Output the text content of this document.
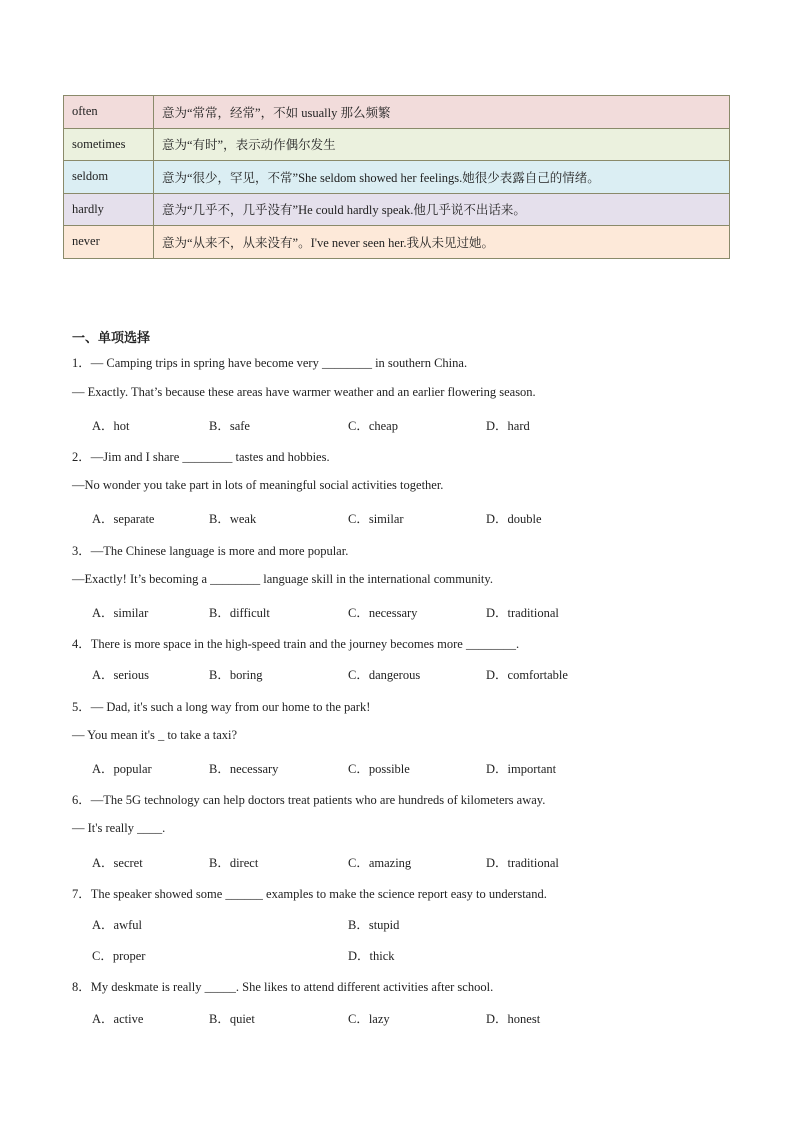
often	意为“常常，经常”，不如 usually 那么频繁
sometimes	意为“有时”，表示动作偶尔发生
seldom	意为“很少，罕见，不常”She seldom showed her feelings.她很少表露自己的情绪。
hardly	意为“几乎不，几乎没有”He could hardly speak.他几乎说不出话来。
never	意为“从来不，从来没有”。I've never seen her.我从未见过她。
一、单项选择
1．— Camping trips in spring have become very ________ in southern China.
— Exactly. That’s because these areas have warmer weather and an earlier flowering season.
A．hot	B．safe	C．cheap	D．hard
2．—Jim and I share ________ tastes and hobbies.
—No wonder you take part in lots of meaningful social activities together.
A．separate	B．weak	C．similar	D．double
3．—The Chinese language is more and more popular.
—Exactly! It’s becoming a ________ language skill in the international community.
A．similar	B．difficult	C．necessary	D．traditional
4．There is more space in the high-speed train and the journey becomes more ________.
A．serious	B．boring	C．dangerous	D．comfortable
5．— Dad, it's such a long way from our home to the park!
— You mean it's _ to take a taxi?
A．popular	B．necessary	C．possible	D．important
6．—The 5G technology can help doctors treat patients who are hundreds of kilometers away.
— It's really ____.
A．secret	B．direct	C．amazing	D．traditional
7．The speaker showed some ______ examples to make the science report easy to understand.
A．awful	B．stupid
C．proper	D．thick
8．My deskmate is really _____. She likes to attend different activities after school.
A．active	B．quiet	C．lazy	D．honest
